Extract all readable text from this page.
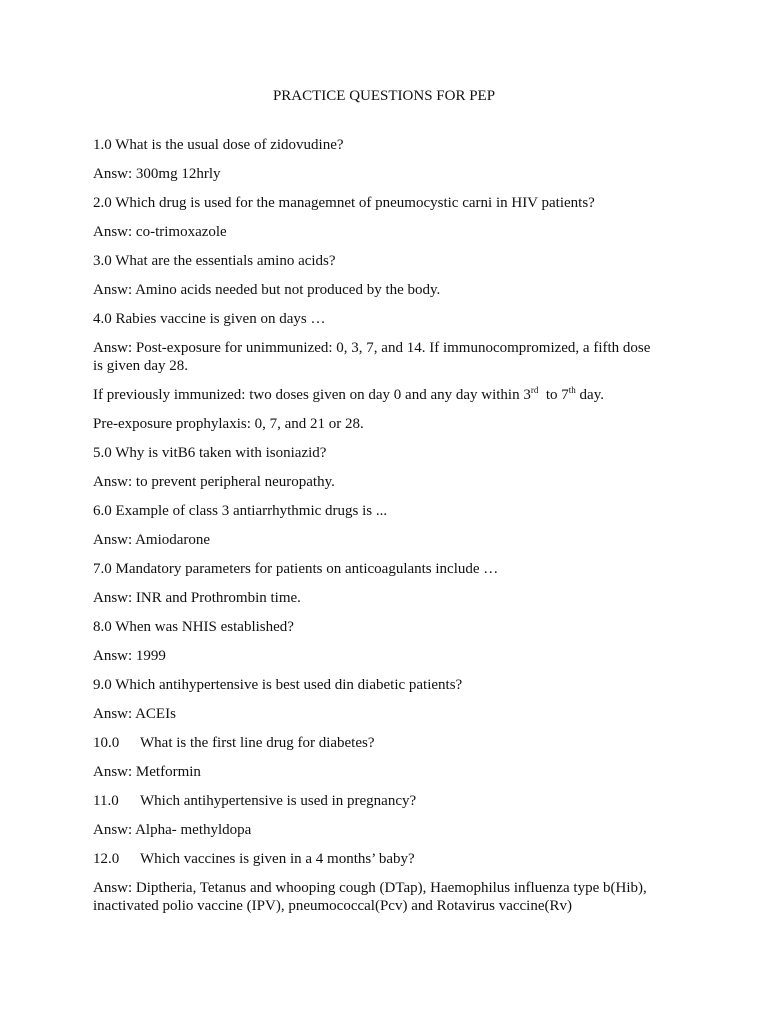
PRACTICE QUESTIONS FOR PEP
1.0 What is the usual dose of zidovudine?
Answ: 300mg 12hrly
2.0 Which drug is used for the managemnet of pneumocystic carni in HIV patients?
Answ: co-trimoxazole
3.0 What are the essentials amino acids?
Answ: Amino acids needed but not produced by the body.
4.0 Rabies vaccine is given on days …
Answ: Post-exposure for unimmunized: 0, 3, 7, and 14. If immunocompromized, a fifth dose
is given day 28.
If previously immunized: two doses given on day 0 and any day within 3rd  to 7th day.
Pre-exposure prophylaxis: 0, 7, and 21 or 28.
5.0 Why is vitB6 taken with isoniazid?
Answ: to prevent peripheral neuropathy.
6.0 Example of class 3 antiarrhythmic drugs is ...
Answ: Amiodarone
7.0 Mandatory parameters for patients on anticoagulants include …
Answ: INR and Prothrombin time.
8.0 When was NHIS established?
Answ: 1999
9.0 Which antihypertensive is best used din diabetic patients?
Answ: ACEIs
10.0 What is the first line drug for diabetes?
Answ: Metformin
11.0 Which antihypertensive is used in pregnancy?
Answ: Alpha- methyldopa
12.0 Which vaccines is given in a 4 months’ baby?
Answ: Diptheria, Tetanus and whooping cough (DTap), Haemophilus influenza type b(Hib),
inactivated polio vaccine (IPV), pneumococcal(Pcv) and Rotavirus vaccine(Rv)
